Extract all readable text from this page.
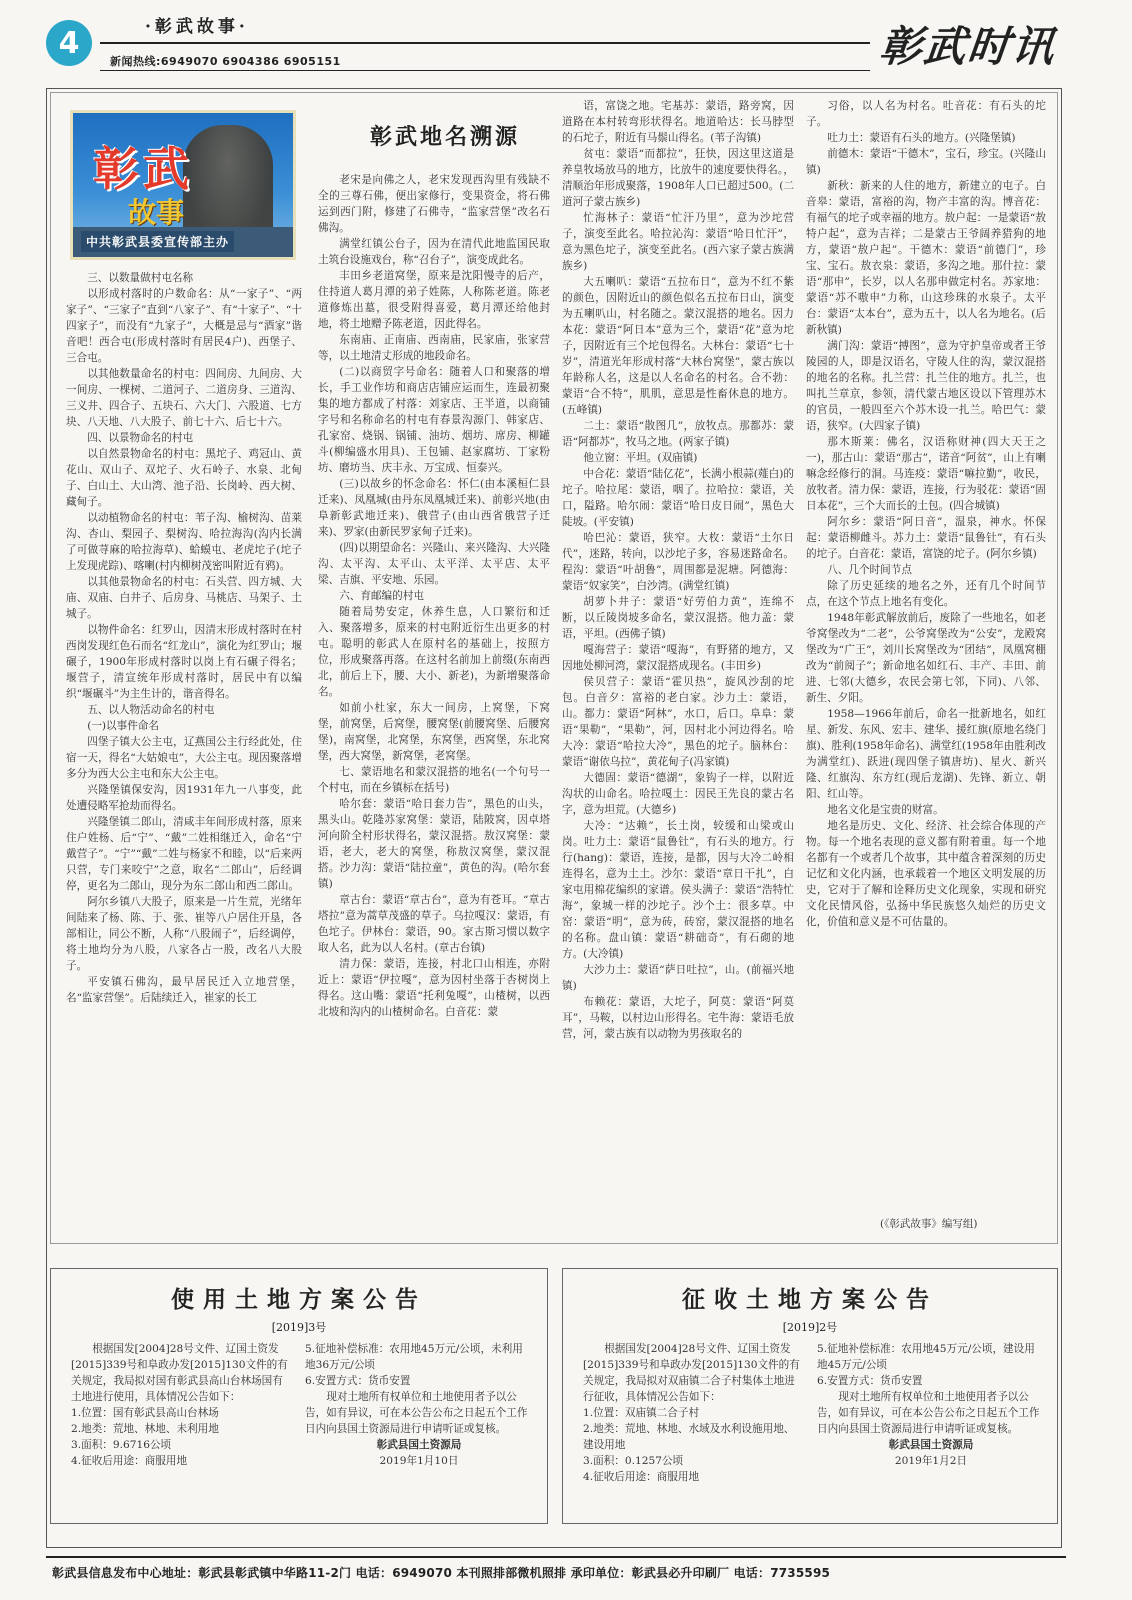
4	·彰武故事·
新闻热线:6949070 6904386 6905151	彰武时讯
彰武
故事
中共彰武县委宣传部主办
彰武地名溯源

三、以数量做村屯名称

以形成村落时的户数命名：从“一家子”、“两家子”、“三家子”直到“八家子”、有“十家子”、“十四家子”，而没有“九家子”，大概是忌与“酒家”谐音吧！西合屯(形成村落时有居民4户)、西堡子、三合屯。

以其他数量命名的村屯：四间房、九间房、大一间房、一棵树、二道河子、二道房身、三道沟、三义井、四合子、五块石、六大门、六股道、七方块、八天地、八大股子、前七十六、后七十六。

四、以景物命名的村屯

以自然景物命名的村屯：黑坨子、鸡冠山、黄花山、双山子、双坨子、火石岭子、水泉、北甸子、白山土、大山湾、池子沿、长岗岭、西大树、藏甸子。

以动植物命名的村屯：苇子沟、榆树沟、苗莱沟、杏山、梨园子、梨树沟、哈拉海沟(沟内长满了可做荨麻的哈拉海草)、蛤蟆屯、老虎坨子(坨子上发现虎踪)、喀喇(村内柳树茂密叫附近有鸦)。

以其他景物命名的村屯：石头营、四方城、大庙、双庙、白井子、后房身、马桃店、马架子、土城子。

以物件命名：红罗山，因清末形成村落时在村西岗发现红色石而名“红龙山”，演化为红罗山；堰碾子，1900年形成村落时以岗上有石碾子得名；堰营子，清宣统年形成村落时，居民中有以编织“堰碾斗”为主生计的，谐音得名。

五、以人物活动命名的村屯

(一)以事件命名

四堡子镇大公主屯，辽燕国公主行经此处，住宿一天，得名“大姑娘屯”，大公主屯。现因聚落增多分为西大公主屯和东大公主屯。

兴隆堡镇保安沟，因1931年九一八事变，此处遭侵略军抢劫而得名。

兴隆堡镇二郎山，清咸丰年间形成村落，原来住户姓杨、后“宁”、“戴”二姓相继迁入，命名“宁戴营子”。“宁”“戴”二姓与杨家不和睦，以“后来两只营，专门来咬宁”之意，取名“二郎山”，后经调停，更名为二郎山，现分为东二郎山和西二郎山。

阿尔乡镇八大股子，原来是一片生荒，光绪年间陆来了杨、陈、于、张、崔等八户居住开垦，各部相让，同公不断，人称“八股闹子”，后经调停，将土地均分为八股，八家各占一股，改名八大股子。

平安镇石佛沟，最早居民迁入立地营堡，名“监家营堡”。后陆续迁入，崔家的长工

老宋是向佛之人，老宋发现西沟里有残缺不全的三尊石佛，便出家修行，变果资金，将石佛运到西门附，修建了石佛寺，“监家营堡”改名石佛沟。

满堂红镇公台子，因为在清代此地监国民取土筑台设施戏台，称“召台子”，演变成此名。

丰田乡老道窝堡，原来是沈阳慢寺的后产，住持道人葛月潭的弟子姓陈，人称陈老道。陈老道修炼出墓，很受附得喜爱，葛月潭还给他封地，将土地赠予陈老道，因此得名。

东南庙、正南庙、西南庙，民家庙，张家营等，以土地清丈形成的地段命名。

(二)以商贸字号命名：随着人口和聚落的增长，手工业作坊和商店店铺应运而生，连最初聚集的地方都成了村落：刘家店、王半道，以商铺字号和名称命名的村屯有春景沟源门、韩家店、孔家窑、烧锅、锅铺、油坊、烟坊、席房、柳罐斗(柳编盛水用具)、王包铺、赵家腐坊、丁家粉坊、磨坊当、庆丰永、万宝成、恒泰兴。

(三)以故乡的怀念命名：怀仁(由本溪桓仁县迁来)、凤凰城(由丹东凤凰城迁来)、前彰兴地(由阜新彰武地迁来)、俄营子(由山西省俄营子迁来)、罗家(由新民罗家甸子迁来)。

(四)以期望命名：兴隆山、来兴隆沟、大兴隆沟、太平沟、太平山、太平洋、太平店、太平梁、吉旗、平安地、乐园。

六、育邮编的村屯

随着局势安定，休养生息，人口繁衍和迁入、聚落增多，原来的村屯附近衍生出更多的村屯。聪明的彰武人在原村名的基础上，按照方位，形成聚落再落。在这村名前加上前缀(东南西北，前后上下，腰、大小、新老)，为新增聚落命名。

如前小杜家，东大一间房，上窝堡，下窝堡，前窝堡，后窝堡，腰窝堡(前腰窝堡、后腰窝堡)，南窝堡，北窝堡，东窝堡，西窝堡，东北窝堡，西大窝堡，新窝堡，老窝堡。

七、蒙语地名和蒙汉混搭的地名(一个句号一个村屯，而在乡镇标在括号)

哈尔套：蒙语“哈日套力告”，黑色的山头，黑头山。乾隆苏家窝堡：蒙语，陆陂窝，因卓塔河向阶全村形状得名，蒙汉混搭。敖汉窝堡：蒙语，老大，老大的窝堡，称敖汉窝堡，蒙汉混搭。沙力沟：蒙语“陆拉童”，黄色的沟。(哈尔套镇)

章古台：蒙语“章古台”，意为有苍耳。“章古塔拉”意为蒿草茂盛的草子。乌拉嘎汉：蒙语，有色坨子。伊林台：蒙语，90。家古斯习惯以数字取人名，此为以人名村。(章古台镇)

清力保：蒙语，连接，村北口山相连，亦附近上：蒙语“伊拉嘎”，意为因村坐落于杏树岗上得名。这山嘴：蒙语“托利兔嘎”，山楂树，以西北坡和沟内的山楂树命名。白音花：蒙

语，富饶之地。宅基苏：蒙语，路旁窝，因道路在本村转弯形状得名。地道哈达：长马脖型的石坨子，附近有马鬃山得名。(苇子沟镇)

贫屯：蒙语“而都拉”，狂快，因这里这道是养皇牧场放马的地方，比放牛的速度要快得名。，清顺治年形成聚落，1908年人口已超过500。(二道河子蒙古族乡)

忙海林子：蒙语“忙汗乃里”，意为沙坨营子，演变至此名。哈拉沁沟：蒙语“哈日忙汗”，意为黑色坨子，演变至此名。(西六家子蒙古族满族乡)

大五喇叭：蒙语“五拉布日”，意为不红不紫的颜色，因附近山的颜色似名五拉布日山，演变为五喇叭山，村名随之。蒙汉混搭的地名。因力本花：蒙语“阿日本”意为三个，蒙语“花”意为坨子，因附近有三个坨包得名。大林台：蒙语“七十岁”，清道光年形成村落“大林台窝堡”，蒙古族以年龄称人名，这是以人名命名的村名。合不勃：蒙语“合不特”，肌肌，意思是性畜休息的地方。(五峰镇)

二土：蒙语“散图几”，放牧点。那都苏：蒙语“阿都苏”，牧马之地。(两家子镇)

他立窗：平坦。(双庙镇)

中合花：蒙语“陆亿花”，长满小根蒜(薤白)的坨子。哈拉尾：蒙语，咽了。拉哈拉：蒙语，关口，隘路。哈尔闹：蒙语“哈日皮日闹”，黑色大陡坡。(平安镇)

哈巴沁：蒙语，狭窄。大枚：蒙语“土尔日代”，迷路，转向，以沙坨子多，容易迷路命名。程沟：蒙语“叶胡鲁”，周围都是泥塘。阿德海：蒙语“奴家笑”，白沙湾。(满堂红镇)

胡萝卜井子：蒙语“好劳伯力黄”，连绵不断，以丘陵岗坡多命名，蒙汉混搭。他力盖：蒙语，平坦。(西佛子镇)

嘎海营子：蒙语“嘎海”，有野猪的地方，又因地处柳河湾，蒙汉混搭成现名。(丰田乡)

侯贝营子：蒙语“霍贝热”，旋风沙刮的坨包。白音夕：富裕的老白家。沙力土：蒙语，山。都力：蒙语“阿林”，水口，后口。阜阜：蒙语“果勒”，“果勒”，河，因村北小河边得名。哈大冷：蒙语“哈拉大冷”，黑色的坨子。脑林台：蒙语“谢依乌拉”，黄花甸子(冯家镇)

大德固：蒙语“德湖”，象钩子一样，以附近沟状的山命名。哈拉嘎土：因民王先良的蒙古名字，意为坦荒。(大德乡)

大冷：“达赖”，长土岗，较缓和山梁或山岗。吐力土：蒙语“鼠鲁钍”，有石头的地方。行行(hang)：蒙语，连接，是都，因与大冷二岭相连得名，意为土土。沙尔：蒙语“章日干扎”，白家屯用棉花编织的家谱。侯头满子：蒙语“浩特忙海”，象城一样的沙坨子。沙个土：很多草。中窑：蒙语“明”，意为砖，砖窑，蒙汉混搭的地名的名称。盘山镇：蒙语“耕础奇”，有石砌的地方。(大冷镇)

大沙力土：蒙语“萨日吐拉”，山。(前福兴地镇)

布赖花：蒙语，大坨子，阿莫：蒙语“阿莫耳”，马鞍，以村边山形得名。宅牛海：蒙语毛放营，河，蒙古族有以动物为男孩取名的

习俗，以人名为村名。吐音花：有石头的坨子。

吐力土：蒙语有石头的地方。(兴隆堡镇)

前德木：蒙语“干德木”，宝石，珍宝。(兴隆山镇)

新秋：新来的人住的地方，新建立的屯子。白音皋：蒙语，富裕的沟，物产丰富的沟。博音花：有福气的坨子或幸福的地方。敖户起：一是蒙语“敖特户起”，意为吉祥；二是蒙古王爷阔养猎狗的地方，蒙语“敖户起”。干德木：蒙语“前德门”，珍宝、宝石。敖衣泉：蒙语，多沟之地。那什拉：蒙语“那申”，长岁，以人名那申做定村名。苏家地：蒙语“苏不嗷申”力称，山这珍珠的水泉子。太平台：蒙语“太本台”，意为五十，以人名为地名。(后新秋镇)

满门沟：蒙语“搏图”，意为守护皇帝或者王爷陵园的人，即是汉语名，守陵人住的沟，蒙汉混搭的地名的名称。扎兰营：扎兰住的地方。扎兰，也叫扎兰章京，参领，清代蒙古地区设以下管理苏木的官员，一般四至六个苏木设一扎兰。哈巴气：蒙语，狭窄。(大四家子镇)

那木斯莱：佛名，汉语称财神(四大天王之一)，那古山：蒙语“那古”，诺音“阿贫”，山上有喇嘛念经修行的洞。马连疫：蒙语“嘛拉勤”，收民，放牧者。清力保：蒙语，连接，行为驳花：蒙语“固日本花”，三个大而长的土包。(四合城镇)

阿尔乡：蒙语“阿日音”，温泉，神水。怀保起：蒙语柳雌斗。苏力土：蒙语“鼠鲁钍”，有石头的坨子。白音花：蒙语，富饶的坨子。(阿尔乡镇)

八、几个时间节点

除了历史延续的地名之外，还有几个时间节点，在这个节点上地名有变化。

1948年彰武解放前后，废除了一些地名，如老爷窝堡改为“二老”，公爷窝堡改为“公安”，龙殿窝堡改为“广王”，刘川长窝堡改为“团结”，凤凰窝棚改为“前阅子”；新命地名如红石、丰产、丰田、前进、七邻(大德乡，农民会第七邻，下同)、八邻、新生、夕阳。

1958—1966年前后，命名一批新地名，如红星、新发、东风、宏丰、建华、援红旗(原地名绕门旗)、胜利(1958年命名)、满堂红(1958年由胜利改为满堂红)、跃进(现四堡子镇唐坊)、星火、新兴隆、红旗沟、东方红(现后龙湖)、先锋、新立、朝阳、红山等。

地名文化是宝贵的财富。

地名是历史、文化、经济、社会综合体现的产物。每一个地名表现的意义都有附着重。每一个地名都有一个或者几个故事，其中蕴含着深刻的历史记忆和文化内涵，也承载着一个地区文明发展的历史，它对于了解和诠释历史文化现象，实现和研究文化民情风俗，弘扬中华民族悠久灿烂的历史文化，价值和意义是不可估量的。

(《彰武故事》编写组)
使用土地方案公告
[2019]3号

根据国发[2004]28号文件、辽国土资发[2015]339号和阜政办发[2015]130文件的有关规定，我局拟对国有彰武县高山台林场国有土地进行使用，具体情况公告如下：

1.位置：国有彰武县高山台林场

2.地类：荒地、林地、未利用地

3.面积：9.6716公顷

4.征收后用途：商服用地

5.征地补偿标准：农用地45万元/公顷，未利用地36万元/公顷

6.安置方式：货币安置

现对土地所有权单位和土地使用者予以公告，如有异议，可在本公告公布之日起五个工作日内向县国土资源局进行申请听证或复核。

彰武县国土资源局

2019年1月10日

征收土地方案公告
[2019]2号

根据国发[2004]28号文件、辽国土资发[2015]339号和阜政办发[2015]130文件的有关规定，我局拟对双庙镇二合子村集体土地进行征收，具体情况公告如下：

1.位置：双庙镇二合子村

2.地类：荒地、林地、水域及水利设施用地、建设用地

3.面积：0.1257公顷

4.征收后用途：商服用地

5.征地补偿标准：农用地45万元/公顷，建设用地45万元/公顷

6.安置方式：货币安置

现对土地所有权单位和土地使用者予以公告，如有异议，可在本公告公布之日起五个工作日内向县国土资源局进行申请听证或复核。

彰武县国土资源局

2019年1月2日

彰武县信息发布中心地址：彰武县彰武镇中华路11-2门 电话：6949070 本刊照排部微机照排 承印单位：彰武县必升印刷厂 电话：7735595
